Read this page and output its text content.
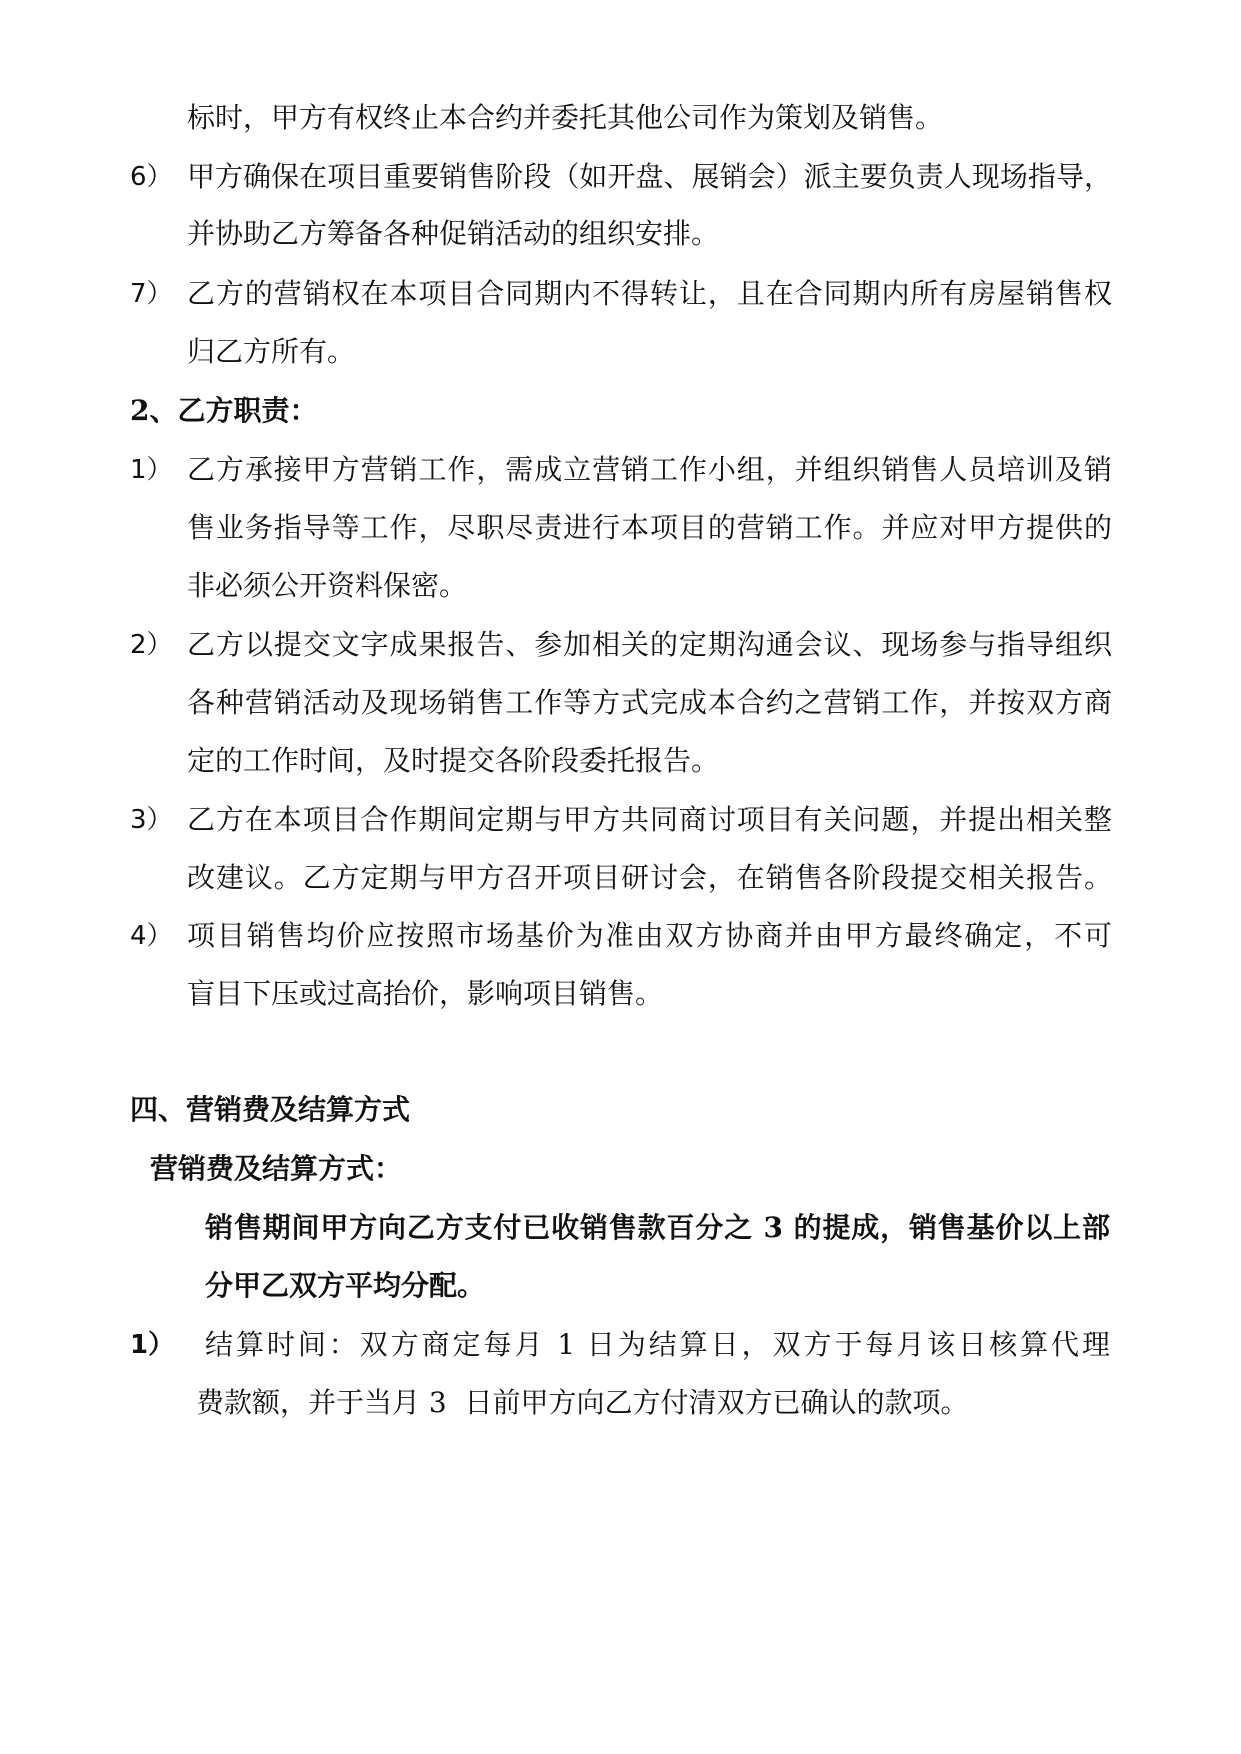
标时，甲方有权终止本合约并委托其他公司作为策划及销售。
6） 甲方确保在项目重要销售阶段（如开盘、展销会）派主要负责人现场指导，
并协助乙方筹备各种促销活动的组织安排。
7） 乙方的营销权在本项目合同期内不得转让，且在合同期内所有房屋销售权
归乙方所有。
2、乙方职责：
1） 乙方承接甲方营销工作，需成立营销工作小组，并组织销售人员培训及销
售业务指导等工作，尽职尽责进行本项目的营销工作。并应对甲方提供的
非必须公开资料保密。
2） 乙方以提交文字成果报告、参加相关的定期沟通会议、现场参与指导组织
各种营销活动及现场销售工作等方式完成本合约之营销工作，并按双方商
定的工作时间，及时提交各阶段委托报告。
3） 乙方在本项目合作期间定期与甲方共同商讨项目有关问题，并提出相关整
改建议。乙方定期与甲方召开项目研讨会，在销售各阶段提交相关报告。
4） 项目销售均价应按照市场基价为准由双方协商并由甲方最终确定，不可
盲目下压或过高抬价，影响项目销售。
四、营销费及结算方式
营销费及结算方式：
销售期间甲方向乙方支付已收销售款百分之 3 的提成，销售基价以上部
分甲乙双方平均分配。
1） 结算时间：双方商定每月 1 日为结算日，双方于每月该日核算代理
费款额，并于当月 3  日前甲方向乙方付清双方已确认的款项。
